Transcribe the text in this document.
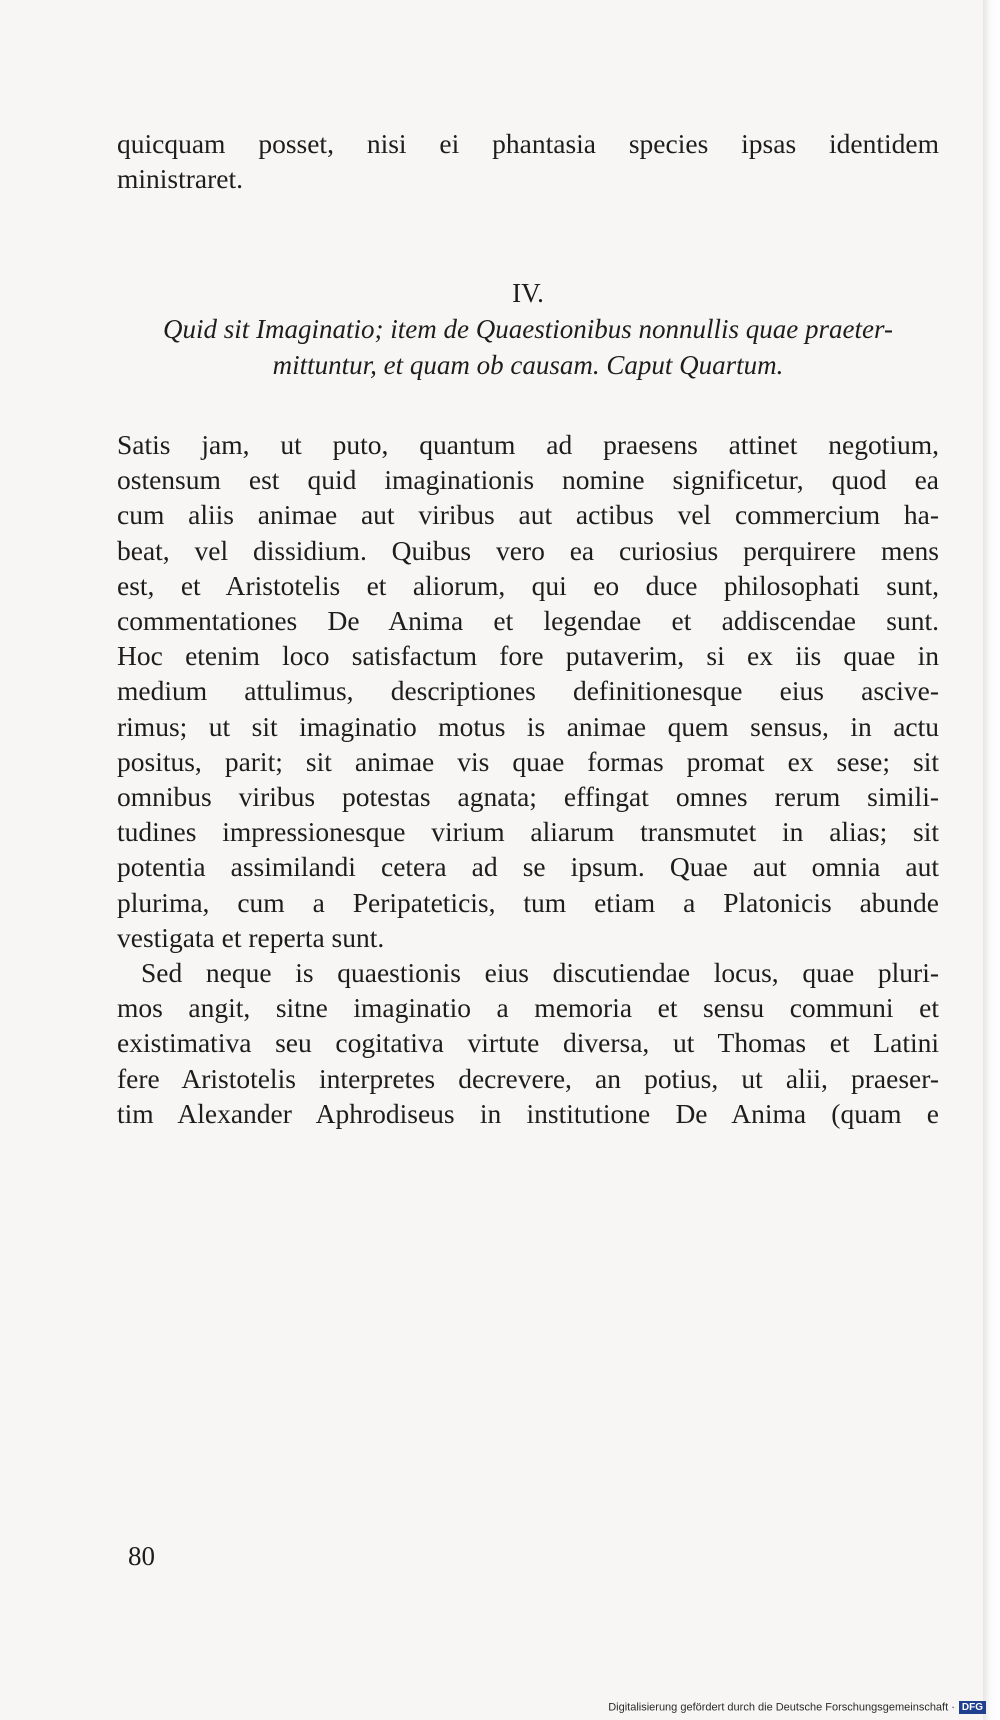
quicquam posset, nisi ei phantasia species ipsas identidem
ministraret.
IV.
Quid sit Imaginatio; item de Quaestionibus nonnullis quae praeter-
mittuntur, et quam ob causam. Caput Quartum.
Satis jam, ut puto, quantum ad praesens attinet negotium,
ostensum est quid imaginationis nomine significetur, quod ea
cum aliis animae aut viribus aut actibus vel commercium ha-
beat, vel dissidium. Quibus vero ea curiosius perquirere mens
est, et Aristotelis et aliorum, qui eo duce philosophati sunt,
commentationes De Anima et legendae et addiscendae sunt.
Hoc etenim loco satisfactum fore putaverim, si ex iis quae in
medium attulimus, descriptiones definitionesque eius ascive-
rimus; ut sit imaginatio motus is animae quem sensus, in actu
positus, parit; sit animae vis quae formas promat ex sese; sit
omnibus viribus potestas agnata; effingat omnes rerum simili-
tudines impressionesque virium aliarum transmutet in alias; sit
potentia assimilandi cetera ad se ipsum. Quae aut omnia aut
plurima, cum a Peripateticis, tum etiam a Platonicis abunde
vestigata et reperta sunt.
Sed neque is quaestionis eius discutiendae locus, quae pluri-
mos angit, sitne imaginatio a memoria et sensu communi et
existimativa seu cogitativa virtute diversa, ut Thomas et Latini
fere Aristotelis interpretes decrevere, an potius, ut alii, praeser-
tim Alexander Aphrodiseus in institutione De Anima (quam e
80
Digitalisierung gefördert durch die Deutsche Forschungsgemeinschaft · DFG
